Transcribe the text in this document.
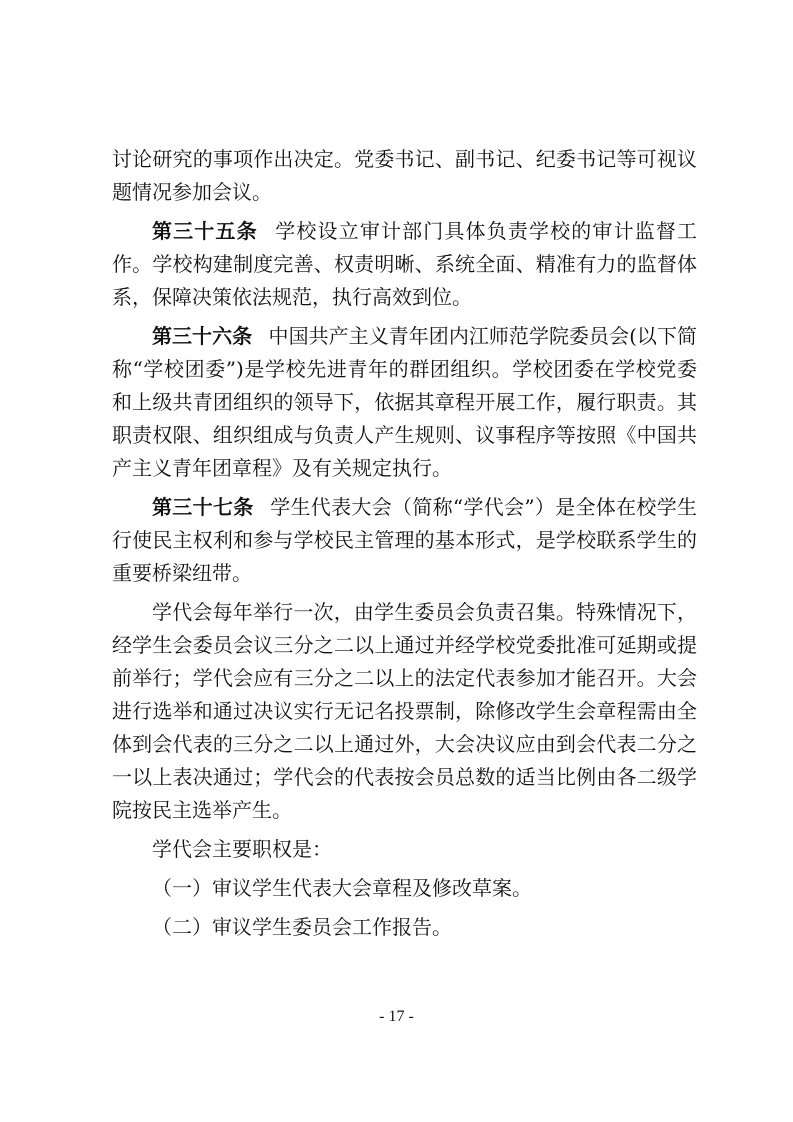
讨论研究的事项作出决定。党委书记、副书记、纪委书记等可视议题情况参加会议。

第三十五条  学校设立审计部门具体负责学校的审计监督工作。学校构建制度完善、权责明晰、系统全面、精准有力的监督体系，保障决策依法规范，执行高效到位。

第三十六条  中国共产主义青年团内江师范学院委员会(以下简称“学校团委”)是学校先进青年的群团组织。学校团委在学校党委和上级共青团组织的领导下，依据其章程开展工作，履行职责。其职责权限、组织组成与负责人产生规则、议事程序等按照《中国共产主义青年团章程》及有关规定执行。

第三十七条  学生代表大会（简称“学代会”）是全体在校学生行使民主权利和参与学校民主管理的基本形式，是学校联系学生的重要桥梁纽带。

学代会每年举行一次，由学生委员会负责召集。特殊情况下，经学生会委员会议三分之二以上通过并经学校党委批准可延期或提前举行；学代会应有三分之二以上的法定代表参加才能召开。大会进行选举和通过决议实行无记名投票制，除修改学生会章程需由全体到会代表的三分之二以上通过外，大会决议应由到会代表二分之一以上表决通过；学代会的代表按会员总数的适当比例由各二级学院按民主选举产生。

学代会主要职权是：

（一）审议学生代表大会章程及修改草案。

（二）审议学生委员会工作报告。

- 17 -
